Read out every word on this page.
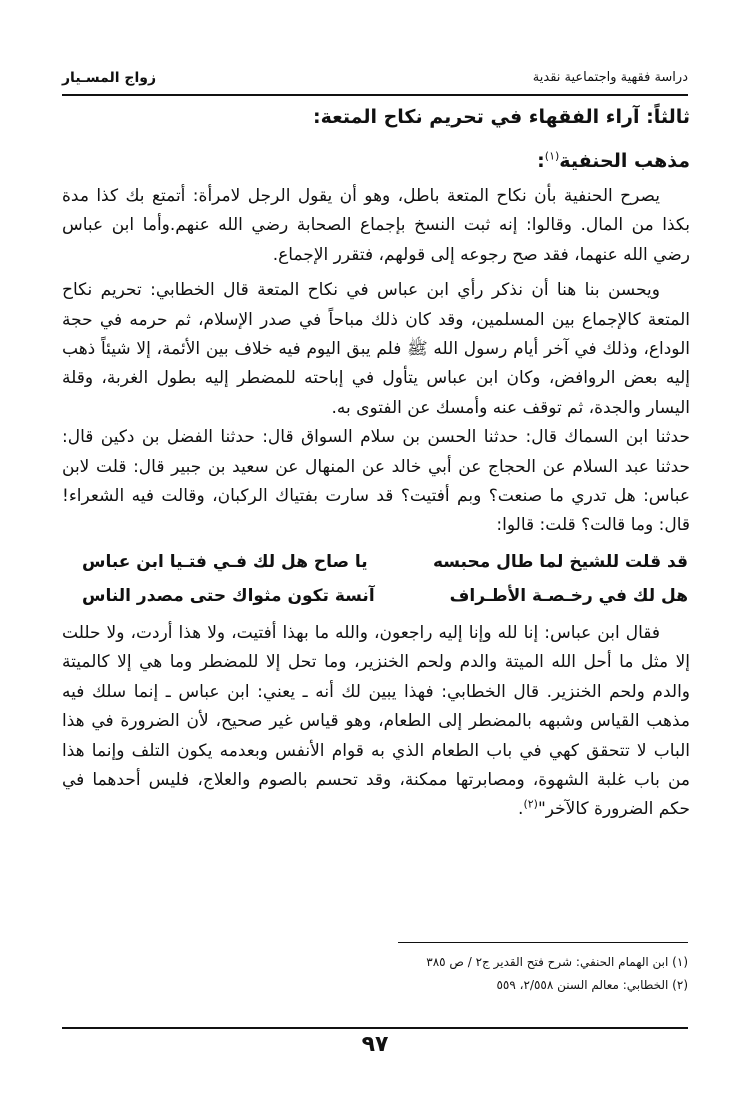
دراسة فقهية واجتماعية نقدية
زواج المسـيار

ثالثاً: آراء الفقهاء في تحريم نكاح المتعة:

مذهب الحنفية$^{(١)}$:

يصرح الحنفية بأن نكاح المتعة باطل، وهو أن يقول الرجل لامرأة: أتمتع بك كذا مدة بكذا من المال. وقالوا: إنه ثبت النسخ بإجماع الصحابة رضي الله عنهم.وأما ابن عباس رضي الله عنهما، فقد صح رجوعه إلى قولهم، فتقرر الإجماع.

ويحسن بنا هنا أن نذكر رأي ابن عباس في نكاح المتعة قال الخطابي: تحريم نكاح المتعة كالإجماع بين المسلمين، وقد كان ذلك مباحاً في صدر الإسلام، ثم حرمه في حجة الوداع، وذلك في آخر أيام رسول الله ﷺ فلم يبق اليوم فيه خلاف بين الأئمة، إلا شيئاً ذهب إليه بعض الروافض، وكان ابن عباس يتأول في إباحته للمضطر إليه بطول الغربة، وقلة اليسار والجدة، ثم توقف عنه وأمسك عن الفتوى به.

حدثنا ابن السماك قال: حدثنا الحسن بن سلام السواق قال: حدثنا الفضل بن دكين قال: حدثنا عبد السلام عن الحجاج عن أبي خالد عن المنهال عن سعيد بن جبير قال: قلت لابن عباس: هل تدري ما صنعت؟ وبم أفتيت؟ قد سارت بفتياك الركبان، وقالت فيه الشعراء! قال: وما قالت؟ قلت: قالوا:

قد قلت للشيخ لما طال محبسه
يا صاح هل لك فـي فتـيا ابن عباس
هل لك في رخـصـة الأطـراف
آنسة تكون مثواك حتى مصدر الناس

فقال ابن عباس: إنا لله وإنا إليه راجعون، والله ما بهذا أفتيت، ولا هذا أردت، ولا حللت إلا مثل ما أحل الله الميتة والدم ولحم الخنزير، وما تحل إلا للمضطر وما هي إلا كالميتة والدم ولحم الخنزير. قال الخطابي: فهذا يبين لك أنه ـ يعني: ابن عباس ـ إنما سلك فيه مذهب القياس وشبهه بالمضطر إلى الطعام، وهو قياس غير صحيح، لأن الضرورة في هذا الباب لا تتحقق كهي في باب الطعام الذي به قوام الأنفس وبعدمه يكون التلف وإنما هذا من باب غلبة الشهوة، ومصابرتها ممكنة، وقد تحسم بالصوم والعلاج، فليس أحدهما في حكم الضرورة كالآخر"$^{(٢)}$.

(١) ابن الهمام الحنفي: شرح فتح القدير ج٢ / ص ٣٨٥
(٢) الخطابي: معالم السنن ٢/٥٥٨، ٥٥٩
٩٧
